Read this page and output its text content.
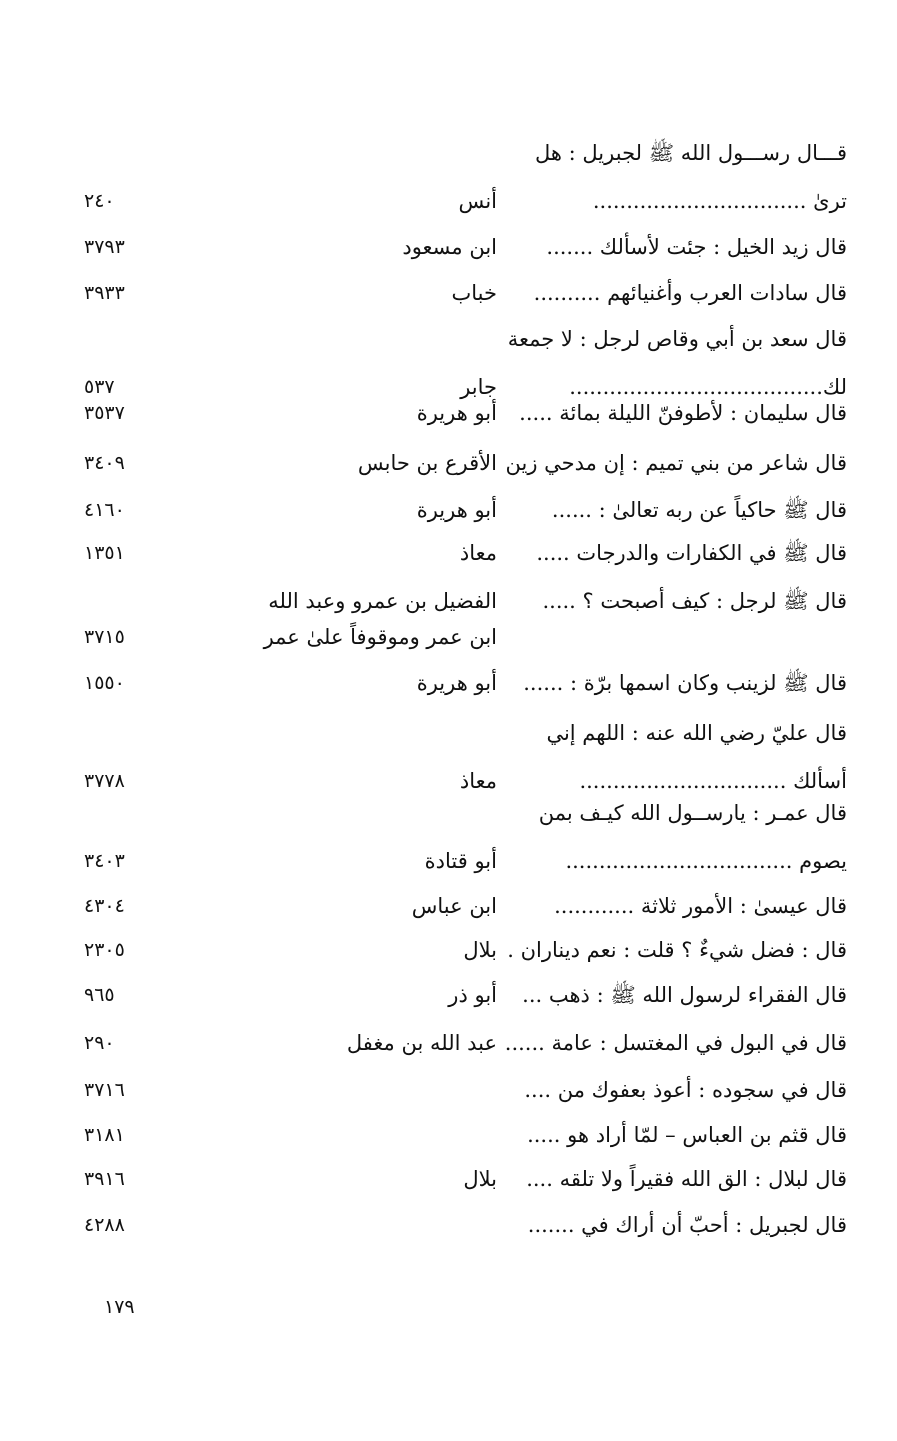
قـــال رســـول الله ﷺ لجبريل : هل
ترىٰ ................................
أنس
٢٤٠
قال زيد الخيل : جئت لأسألك .......
ابن مسعود
٣٧٩٣
قال سادات العرب وأغنيائهم ..........
خباب
٣٩٣٣
قال سعد بن أبي وقاص لرجل : لا جمعة
لك......................................
جابر
٥٣٧
قال سليمان : لأطوفنّ الليلة بمائة .....
أبو هريرة
٣٥٣٧
قال شاعر من بني تميم : إن مدحي زين
الأقرع بن حابس
٣٤٠٩
قال ﷺ حاكياً عن ربه تعالىٰ : ......
أبو هريرة
٤١٦٠
قال ﷺ في الكفارات والدرجات .....
معاذ
١٣٥١
قال ﷺ لرجل : كيف أصبحت ؟ .....
الفضيل بن عمرو وعبد الله
ابن عمر وموقوفاً علىٰ عمر
٣٧١٥
قال ﷺ لزينب وكان اسمها برّة : ......
أبو هريرة
١٥٥٠
قال عليّ رضي الله عنه : اللهم إني
أسألك ...............................
معاذ
٣٧٧٨
قال عمـر : يارســول الله كيـف بمن
يصوم ..................................
أبو قتادة
٣٤٠٣
قال عيسىٰ : الأمور ثلاثة ............
ابن عباس
٤٣٠٤
قال : فضل شيءٌ ؟ قلت : نعم ديناران .
بلال
٢٣٠٥
قال الفقراء لرسول الله ﷺ : ذهب ...
أبو ذر
٩٦٥
قال في البول في المغتسل : عامة ......
عبد الله بن مغفل
٢٩٠
قال في سجوده : أعوذ بعفوك من ....
٣٧١٦
قال قثم بن العباس – لمّا أراد هو .....
٣١٨١
قال لبلال : الق الله فقيراً ولا تلقه ....
بلال
٣٩١٦
قال لجبريل : أحبّ أن أراك في .......
٤٢٨٨
١٧٩
